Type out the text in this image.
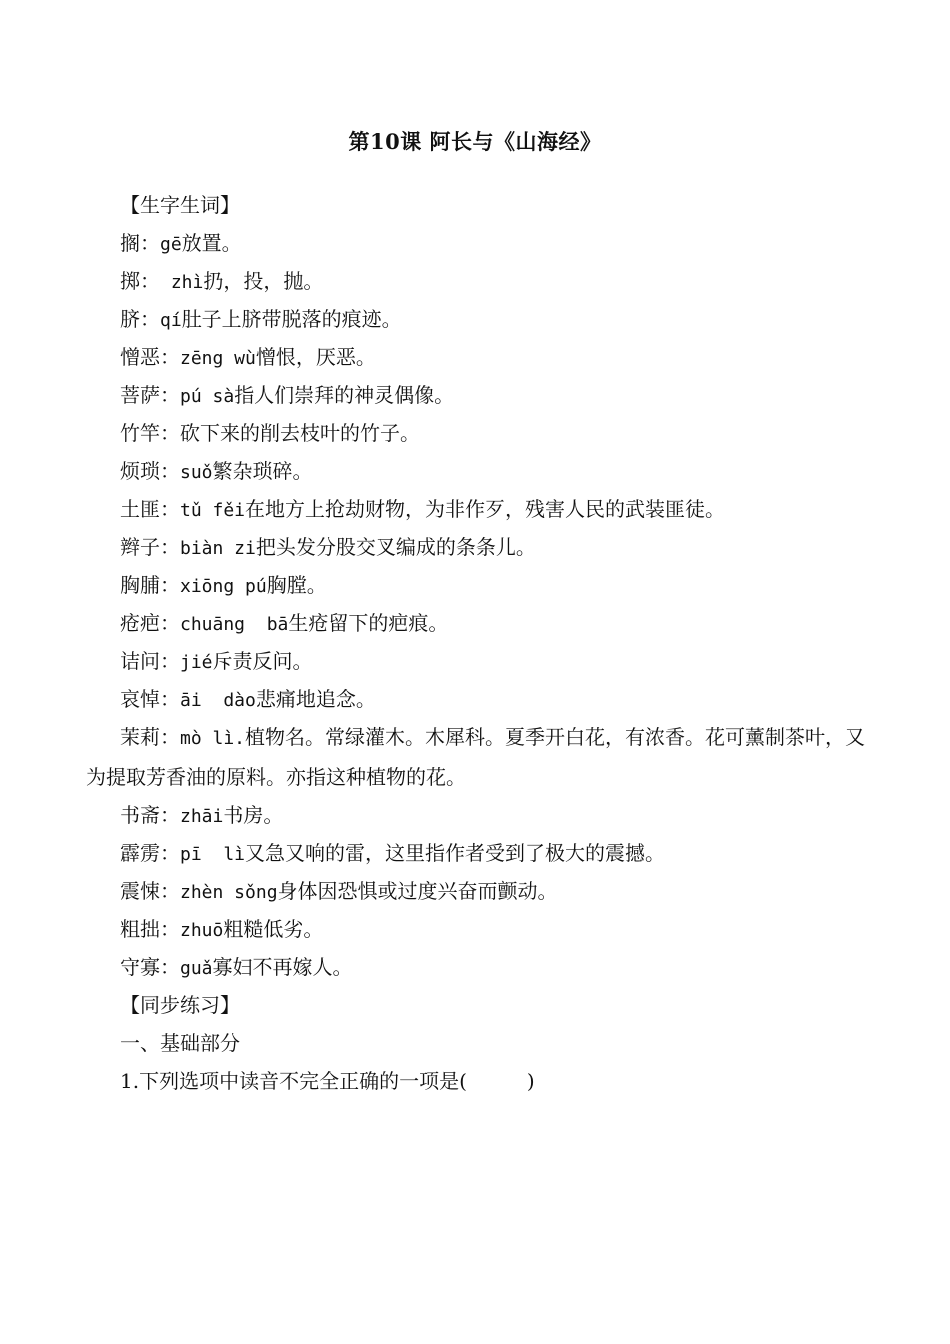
第10课 阿长与《山海经》
【生字生词】
搁：gē放置。
掷： zhì扔，投，抛。
脐：qí肚子上脐带脱落的痕迹。
憎恶：zēng wù憎恨，厌恶。
菩萨：pú sà指人们崇拜的神灵偶像。
竹竿：砍下来的削去枝叶的竹子。
烦琐：suǒ繁杂琐碎。
土匪：tǔ fěi在地方上抢劫财物，为非作歹，残害人民的武装匪徒。
辫子：biàn zi把头发分股交叉编成的条条儿。
胸脯：xiōng pú胸膛。
疮疤：chuāng  bā生疮留下的疤痕。
诘问：jié斥责反问。
哀悼：āi  dào悲痛地追念。
茉莉：mò lì.植物名。常绿灌木。木犀科。夏季开白花，有浓香。花可薰制茶叶，又为提取芳香油的原料。亦指这种植物的花。
书斋：zhāi书房。
霹雳：pī  lì又急又响的雷，这里指作者受到了极大的震撼。
震悚：zhèn sǒng身体因恐惧或过度兴奋而颤动。
粗拙：zhuō粗糙低劣。
守寡：guǎ寡妇不再嫁人。
【同步练习】
一、基础部分
1.下列选项中读音不完全正确的一项是(　　　)
